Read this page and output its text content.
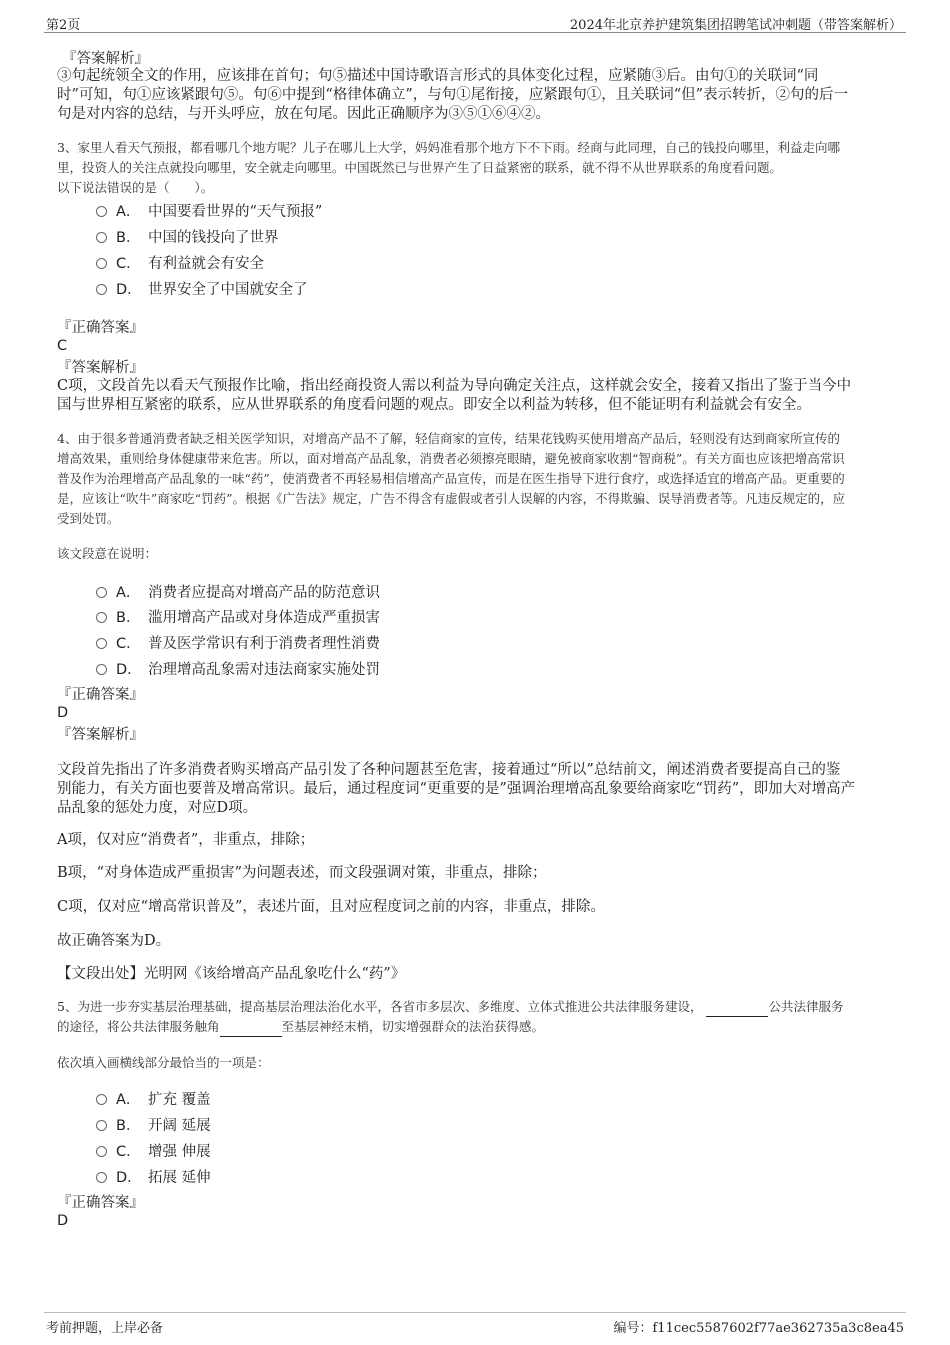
第2页	2024年北京养护建筑集团招聘笔试冲刺题（带答案解析）
『答案解析』
③句起统领全文的作用，应该排在首句；句⑤描述中国诗歌语言形式的具体变化过程，应紧随③后。由句①的关联词“同
时”可知，句①应该紧跟句⑤。句⑥中提到“格律体确立”，与句①尾衔接，应紧跟句①，且关联词“但”表示转折，②句的后一
句是对内容的总结，与开头呼应，放在句尾。因此正确顺序为③⑤①⑥④②。
3、家里人看天气预报，都看哪几个地方呢？儿子在哪儿上大学，妈妈准看那个地方下不下雨。经商与此同理，自己的钱投向哪里，利益走向哪
里，投资人的关注点就投向哪里，安全就走向哪里。中国既然已与世界产生了日益紧密的联系，就不得不从世界联系的角度看问题。
以下说法错误的是（　　）。
A． 中国要看世界的“天气预报”
B． 中国的钱投向了世界
C． 有利益就会有安全
D． 世界安全了中国就安全了
『正确答案』
C
『答案解析』
C项，文段首先以看天气预报作比喻，指出经商投资人需以利益为导向确定关注点，这样就会安全，接着又指出了鉴于当今中
国与世界相互紧密的联系，应从世界联系的角度看问题的观点。即安全以利益为转移，但不能证明有利益就会有安全。
4、由于很多普通消费者缺乏相关医学知识，对增高产品不了解，轻信商家的宣传，结果花钱购买使用增高产品后，轻则没有达到商家所宣传的
增高效果，重则给身体健康带来危害。所以，面对增高产品乱象，消费者必须擦亮眼睛，避免被商家收割“智商税”。有关方面也应该把增高常识
普及作为治理增高产品乱象的一味“药”，使消费者不再轻易相信增高产品宣传，而是在医生指导下进行食疗，或选择适宜的增高产品。更重要的
是，应该让“吹牛”商家吃“罚药”。根据《广告法》规定，广告不得含有虚假或者引人误解的内容，不得欺骗、误导消费者等。凡违反规定的，应
受到处罚。
该文段意在说明：
A． 消费者应提高对增高产品的防范意识
B． 滥用增高产品或对身体造成严重损害
C． 普及医学常识有利于消费者理性消费
D． 治理增高乱象需对违法商家实施处罚
『正确答案』
D
『答案解析』
文段首先指出了许多消费者购买增高产品引发了各种问题甚至危害，接着通过“所以”总结前文，阐述消费者要提高自己的鉴
别能力，有关方面也要普及增高常识。最后，通过程度词“更重要的是”强调治理增高乱象要给商家吃“罚药”，即加大对增高产
品乱象的惩处力度，对应D项。
A项，仅对应“消费者”，非重点，排除；
B项，“对身体造成严重损害”为问题表述，而文段强调对策，非重点，排除；
C项，仅对应“增高常识普及”，表述片面，且对应程度词之前的内容，非重点，排除。
故正确答案为D。
【文段出处】光明网《该给增高产品乱象吃什么“药”》
5、为进一步夯实基层治理基础，提高基层治理法治化水平，各省市多层次、多维度、立体式推进公共法律服务建设，	公共法律服务
的途径，将公共法律服务触角	至基层神经末梢，切实增强群众的法治获得感。
依次填入画横线部分最恰当的一项是：
A． 扩充 覆盖
B． 开阔 延展
C． 增强 伸展
D． 拓展 延伸
『正确答案』
D
考前押题，上岸必备	编号：f11cec5587602f77ae362735a3c8ea45
